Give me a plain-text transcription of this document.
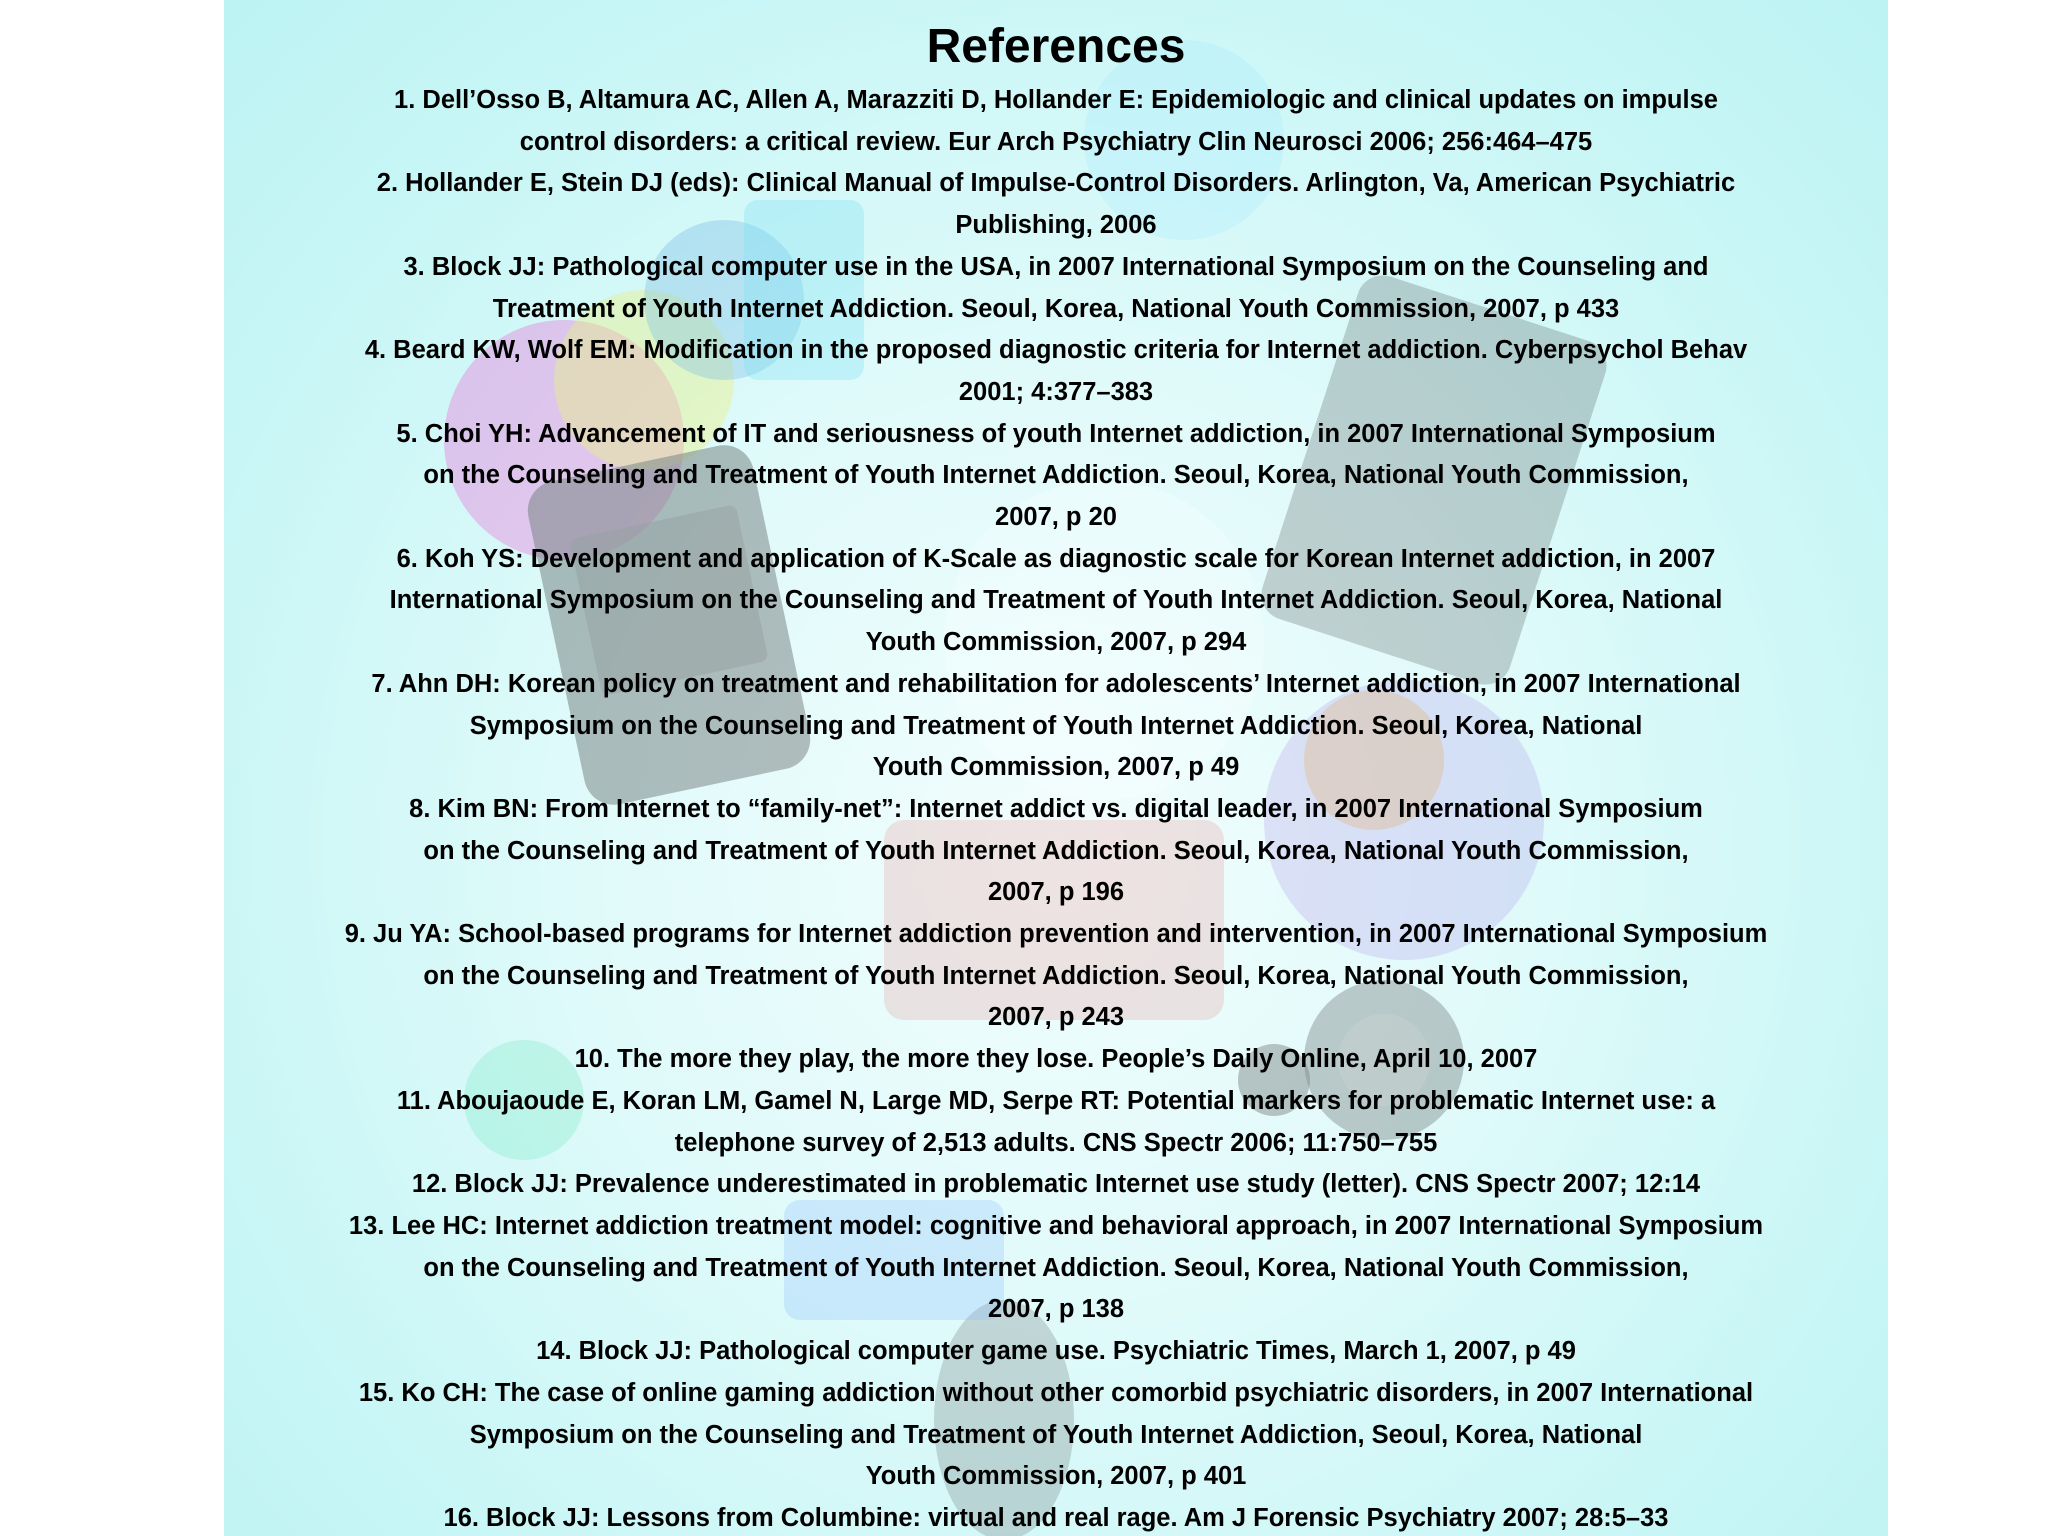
References
1. Dell’Osso B, Altamura AC, Allen A, Marazziti D, Hollander E: Epidemiologic and clinical updates on impulse
control disorders: a critical review. Eur Arch Psychiatry Clin Neurosci 2006; 256:464–475
2. Hollander E, Stein DJ (eds): Clinical Manual of Impulse-Control Disorders. Arlington, Va, American Psychiatric
Publishing, 2006
3. Block JJ: Pathological computer use in the USA, in 2007 International Symposium on the Counseling and
Treatment of Youth Internet Addiction. Seoul, Korea, National Youth Commission, 2007, p 433
4. Beard KW, Wolf EM: Modification in the proposed diagnostic criteria for Internet addiction. Cyberpsychol Behav
2001; 4:377–383
5. Choi YH: Advancement of IT and seriousness of youth Internet addiction, in 2007 International Symposium
on the Counseling and Treatment of Youth Internet Addiction. Seoul, Korea, National Youth Commission,
2007, p 20
6. Koh YS: Development and application of K-Scale as diagnostic scale for Korean Internet addiction, in 2007
International Symposium on the Counseling and Treatment of Youth Internet Addiction. Seoul, Korea, National
Youth Commission, 2007, p 294
7. Ahn DH: Korean policy on treatment and rehabilitation for adolescents’ Internet addiction, in 2007 International
Symposium on the Counseling and Treatment of Youth Internet Addiction. Seoul, Korea, National
Youth Commission, 2007, p 49
8. Kim BN: From Internet to “family-net”: Internet addict vs. digital leader, in 2007 International Symposium
on the Counseling and Treatment of Youth Internet Addiction. Seoul, Korea, National Youth Commission,
2007, p 196
9. Ju YA: School-based programs for Internet addiction prevention and intervention, in 2007 International Symposium
on the Counseling and Treatment of Youth Internet Addiction. Seoul, Korea, National Youth Commission,
2007, p 243
10. The more they play, the more they lose. People’s Daily Online, April 10, 2007
11. Aboujaoude E, Koran LM, Gamel N, Large MD, Serpe RT: Potential markers for problematic Internet use: a
telephone survey of 2,513 adults. CNS Spectr 2006; 11:750–755
12. Block JJ: Prevalence underestimated in problematic Internet use study (letter). CNS Spectr 2007; 12:14
13. Lee HC: Internet addiction treatment model: cognitive and behavioral approach, in 2007 International Symposium
on the Counseling and Treatment of Youth Internet Addiction. Seoul, Korea, National Youth Commission,
2007, p 138
14. Block JJ: Pathological computer game use. Psychiatric Times, March 1, 2007, p 49
15. Ko CH: The case of online gaming addiction without other comorbid psychiatric disorders, in 2007 International
Symposium on the Counseling and Treatment of Youth Internet Addiction, Seoul, Korea, National
Youth Commission, 2007, p 401
16. Block JJ: Lessons from Columbine: virtual and real rage. Am J Forensic Psychiatry 2007; 28:5–33
